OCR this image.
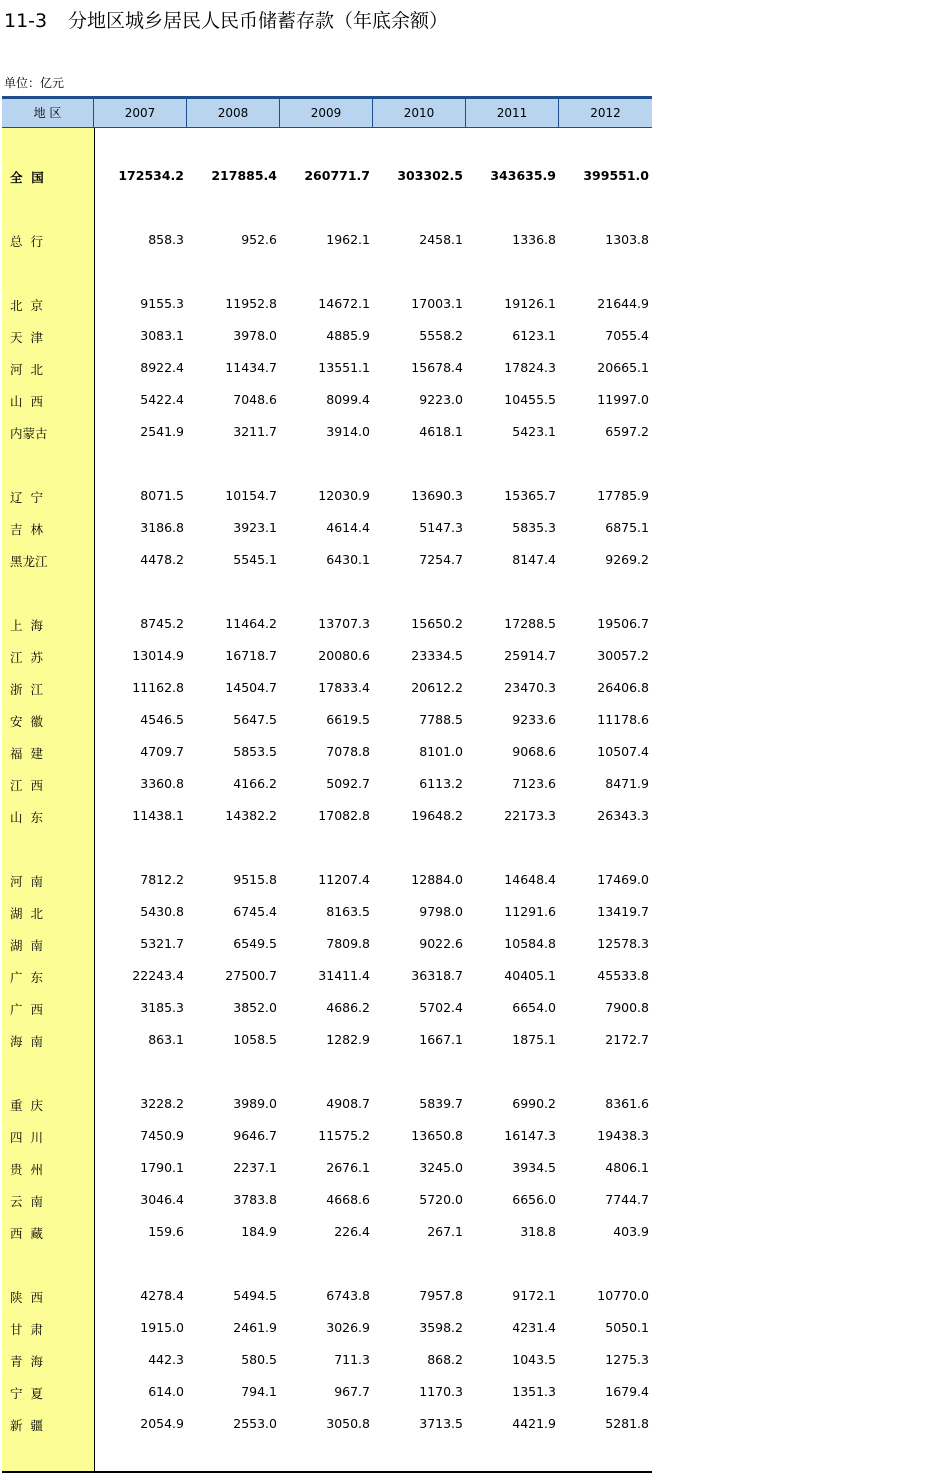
11-3 分地区城乡居民人民币储蓄存款（年底余额）
单位：亿元
地 区	2007	2008	2009	2010	2011	2012
全  国	172534.2	217885.4	260771.7	303302.5	343635.9	399551.0
总  行	858.3	952.6	1962.1	2458.1	1336.8	1303.8
北  京	9155.3	11952.8	14672.1	17003.1	19126.1	21644.9
天  津	3083.1	3978.0	4885.9	5558.2	6123.1	7055.4
河  北	8922.4	11434.7	13551.1	15678.4	17824.3	20665.1
山  西	5422.4	7048.6	8099.4	9223.0	10455.5	11997.0
内蒙古	2541.9	3211.7	3914.0	4618.1	5423.1	6597.2
辽  宁	8071.5	10154.7	12030.9	13690.3	15365.7	17785.9
吉  林	3186.8	3923.1	4614.4	5147.3	5835.3	6875.1
黑龙江	4478.2	5545.1	6430.1	7254.7	8147.4	9269.2
上  海	8745.2	11464.2	13707.3	15650.2	17288.5	19506.7
江  苏	13014.9	16718.7	20080.6	23334.5	25914.7	30057.2
浙  江	11162.8	14504.7	17833.4	20612.2	23470.3	26406.8
安  徽	4546.5	5647.5	6619.5	7788.5	9233.6	11178.6
福  建	4709.7	5853.5	7078.8	8101.0	9068.6	10507.4
江  西	3360.8	4166.2	5092.7	6113.2	7123.6	8471.9
山  东	11438.1	14382.2	17082.8	19648.2	22173.3	26343.3
河  南	7812.2	9515.8	11207.4	12884.0	14648.4	17469.0
湖  北	5430.8	6745.4	8163.5	9798.0	11291.6	13419.7
湖  南	5321.7	6549.5	7809.8	9022.6	10584.8	12578.3
广  东	22243.4	27500.7	31411.4	36318.7	40405.1	45533.8
广  西	3185.3	3852.0	4686.2	5702.4	6654.0	7900.8
海  南	863.1	1058.5	1282.9	1667.1	1875.1	2172.7
重  庆	3228.2	3989.0	4908.7	5839.7	6990.2	8361.6
四  川	7450.9	9646.7	11575.2	13650.8	16147.3	19438.3
贵  州	1790.1	2237.1	2676.1	3245.0	3934.5	4806.1
云  南	3046.4	3783.8	4668.6	5720.0	6656.0	7744.7
西  藏	159.6	184.9	226.4	267.1	318.8	403.9
陕  西	4278.4	5494.5	6743.8	7957.8	9172.1	10770.0
甘  肃	1915.0	2461.9	3026.9	3598.2	4231.4	5050.1
青  海	442.3	580.5	711.3	868.2	1043.5	1275.3
宁  夏	614.0	794.1	967.7	1170.3	1351.3	1679.4
新  疆	2054.9	2553.0	3050.8	3713.5	4421.9	5281.8
